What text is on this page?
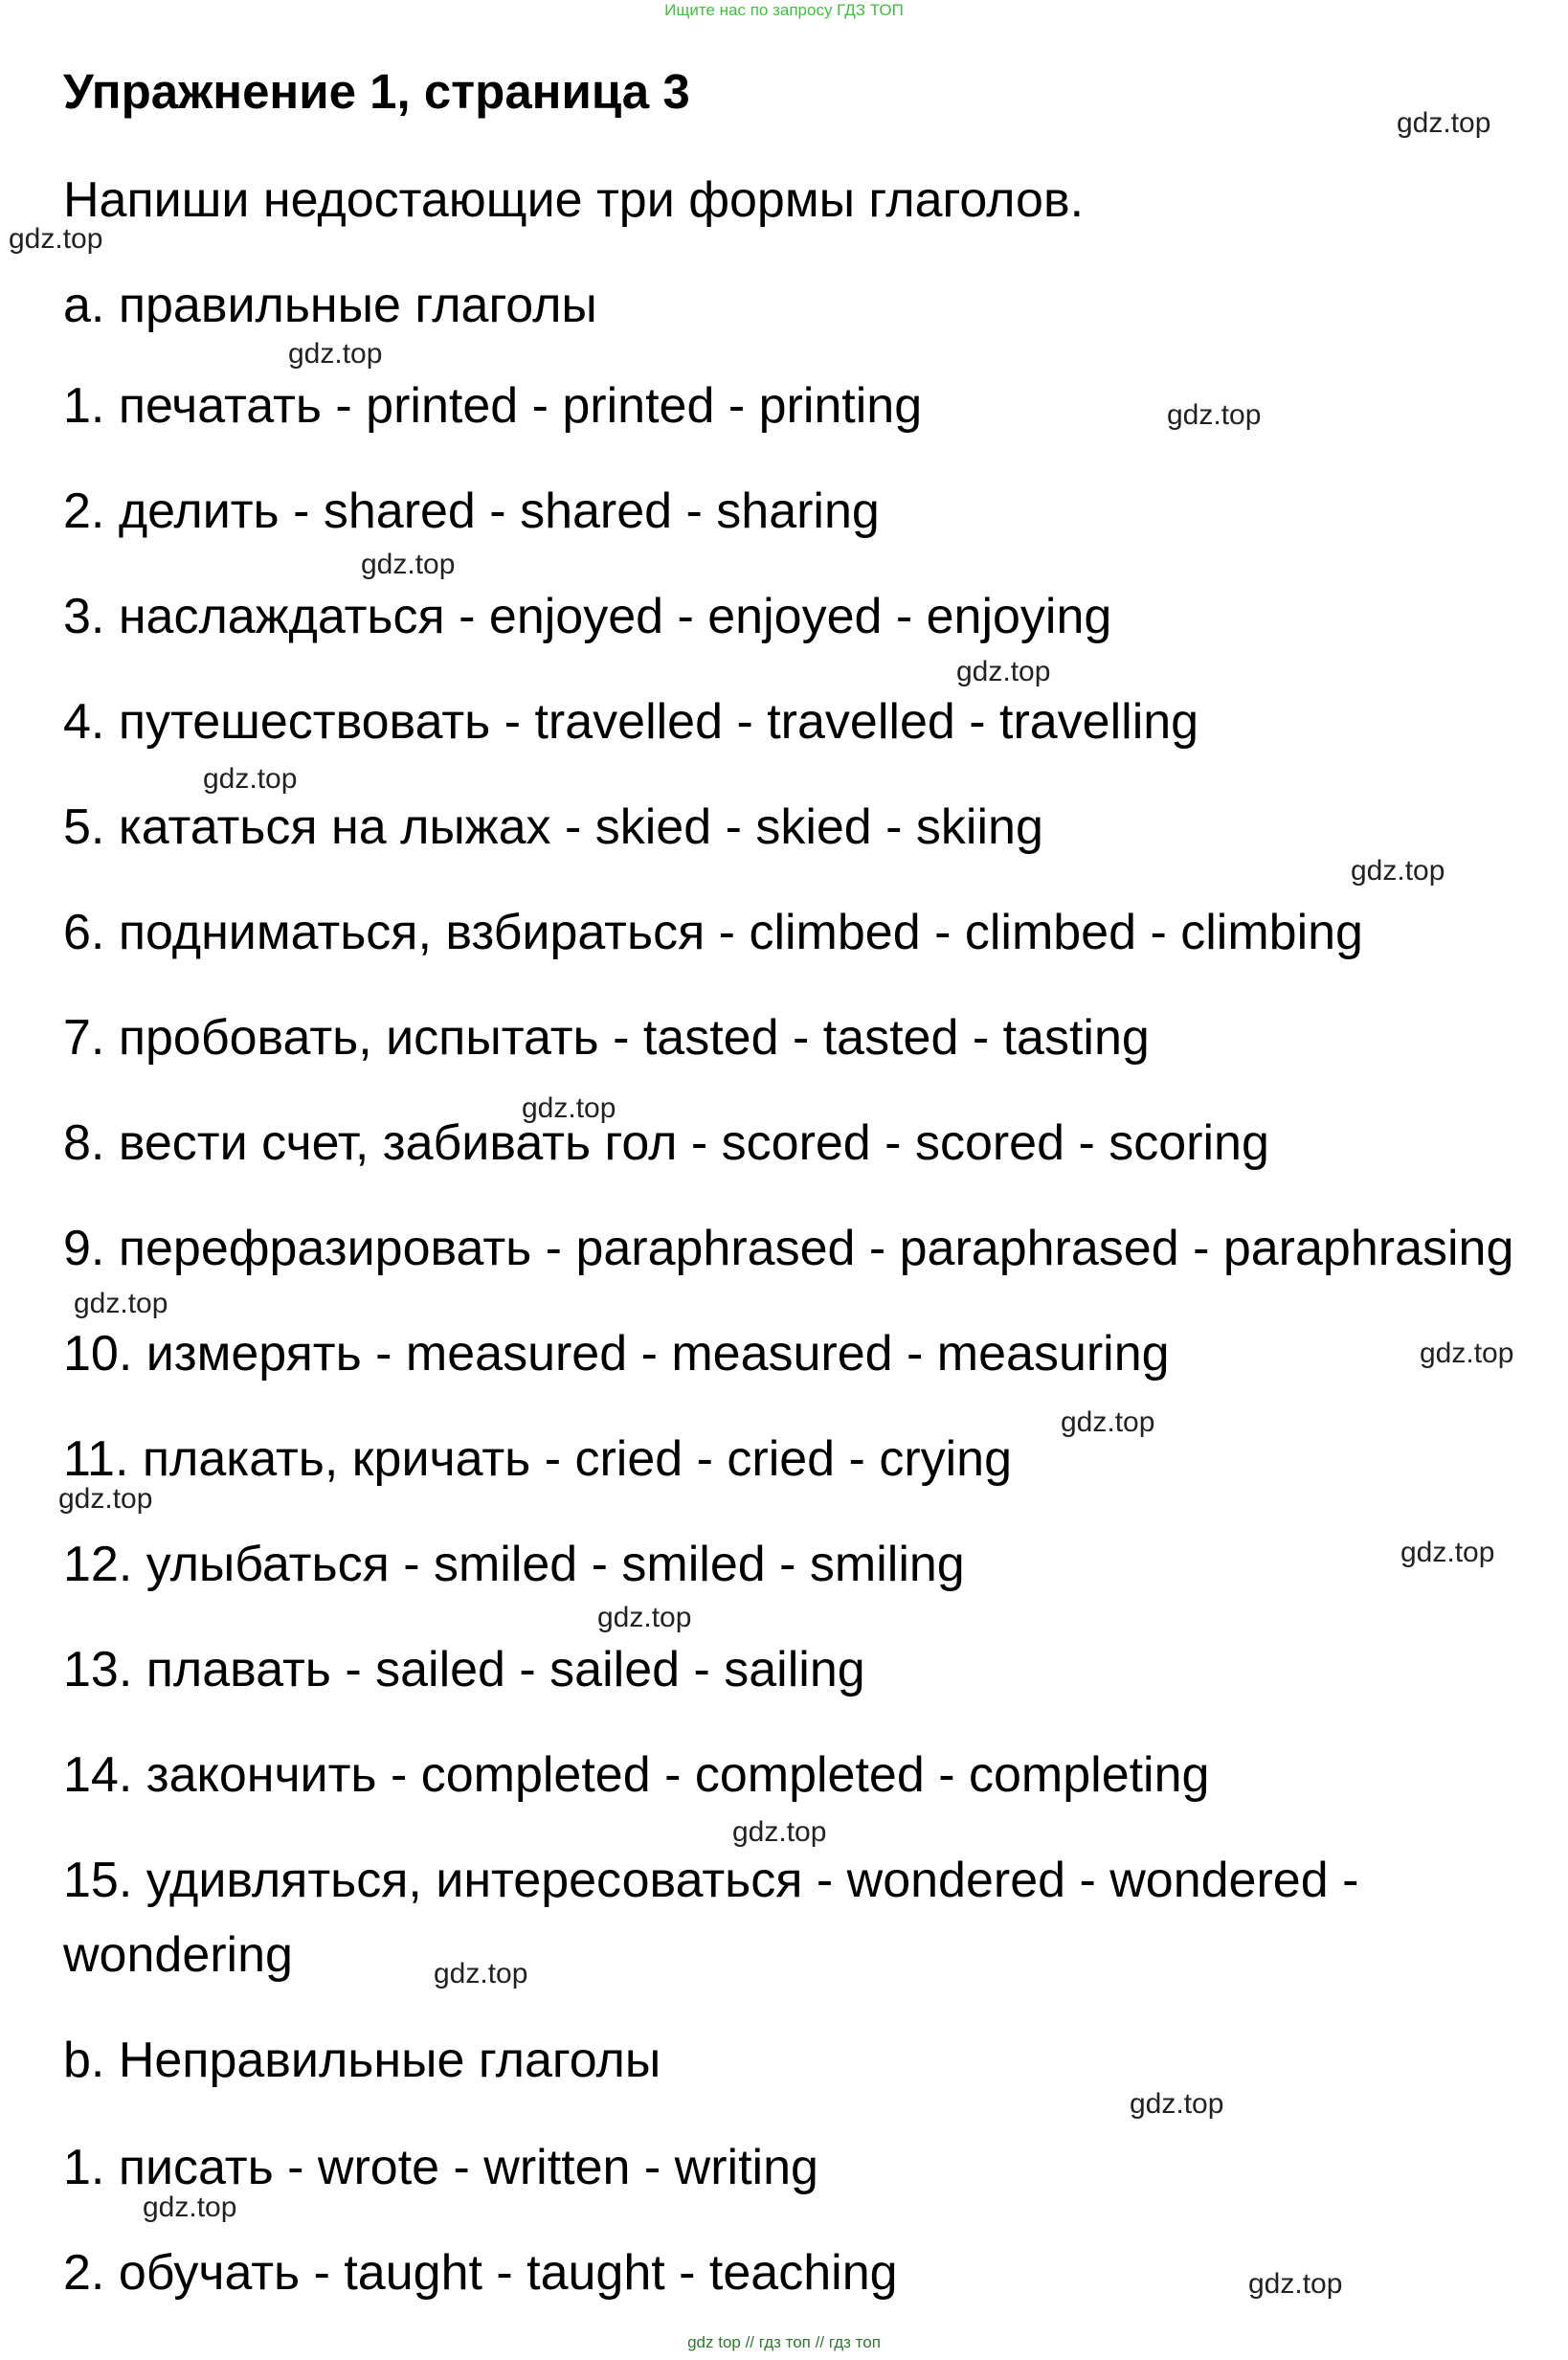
Ищите нас по запросу ГДЗ ТОП
Упражнение 1, страница 3
Напиши недостающие три формы глаголов.
a. правильные глаголы
1. печатать - printed - printed - printing
2. делить - shared - shared - sharing
3. наслаждаться - enjoyed - enjoyed - enjoying
4. путешествовать - travelled - travelled - travelling
5. кататься на лыжах - skied - skied - skiing
6. подниматься, взбираться - climbed - climbed - climbing
7. пробовать, испытать - tasted - tasted - tasting
8. вести счет, забивать гол - scored - scored - scoring
9. перефразировать - paraphrased - paraphrased - paraphrasing
10. измерять - measured - measured - measuring
11. плакать, кричать - cried - cried - crying
12. улыбаться - smiled - smiled - smiling
13. плавать - sailed - sailed - sailing
14. закончить - completed - completed - completing
15. удивляться, интересоваться - wondered - wondered -
wondering
b. Неправильные глаголы
1. писать - wrote - written - writing
2. обучать - taught - taught - teaching
gdz.top
gdz.top
gdz.top
gdz.top
gdz.top
gdz.top
gdz.top
gdz.top
gdz.top
gdz.top
gdz.top
gdz.top
gdz.top
gdz.top
gdz.top
gdz.top
gdz.top
gdz.top
gdz.top
gdz.top
gdz top // гдз топ // гдз топ
